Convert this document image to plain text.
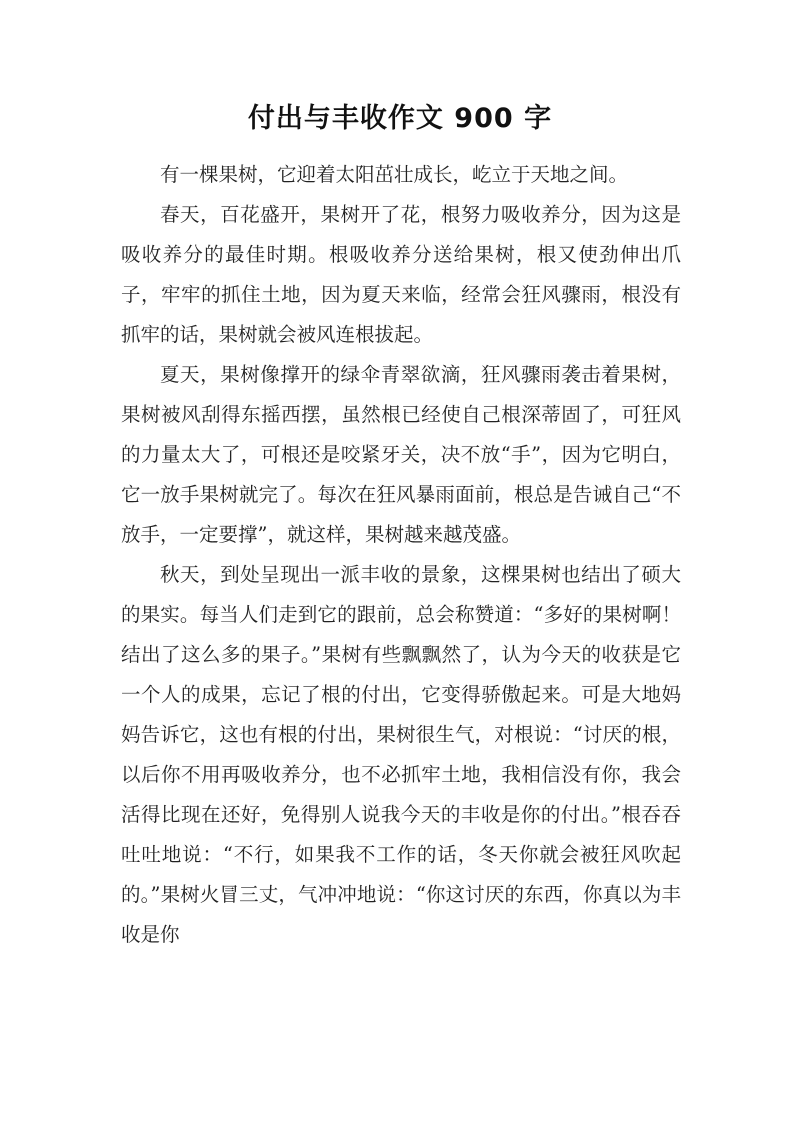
付出与丰收作文 900 字

有一棵果树，它迎着太阳茁壮成长，屹立于天地之间。

春天，百花盛开，果树开了花，根努力吸收养分，因为这是吸收养分的最佳时期。根吸收养分送给果树，根又使劲伸出爪子，牢牢的抓住土地，因为夏天来临，经常会狂风骤雨，根没有抓牢的话，果树就会被风连根拔起。

夏天，果树像撑开的绿伞青翠欲滴，狂风骤雨袭击着果树，果树被风刮得东摇西摆，虽然根已经使自己根深蒂固了，可狂风的力量太大了，可根还是咬紧牙关，决不放“手”，因为它明白，它一放手果树就完了。每次在狂风暴雨面前，根总是告诫自己“不放手，一定要撑”，就这样，果树越来越茂盛。

秋天，到处呈现出一派丰收的景象，这棵果树也结出了硕大的果实。每当人们走到它的跟前，总会称赞道：“多好的果树啊！结出了这么多的果子。”果树有些飘飘然了，认为今天的收获是它一个人的成果，忘记了根的付出，它变得骄傲起来。可是大地妈妈告诉它，这也有根的付出，果树很生气，对根说：“讨厌的根，以后你不用再吸收养分，也不必抓牢土地，我相信没有你，我会活得比现在还好，免得别人说我今天的丰收是你的付出。”根吞吞吐吐地说：“不行，如果我不工作的话，冬天你就会被狂风吹起的。”果树火冒三丈，气冲冲地说：“你这讨厌的东西，你真以为丰收是你
